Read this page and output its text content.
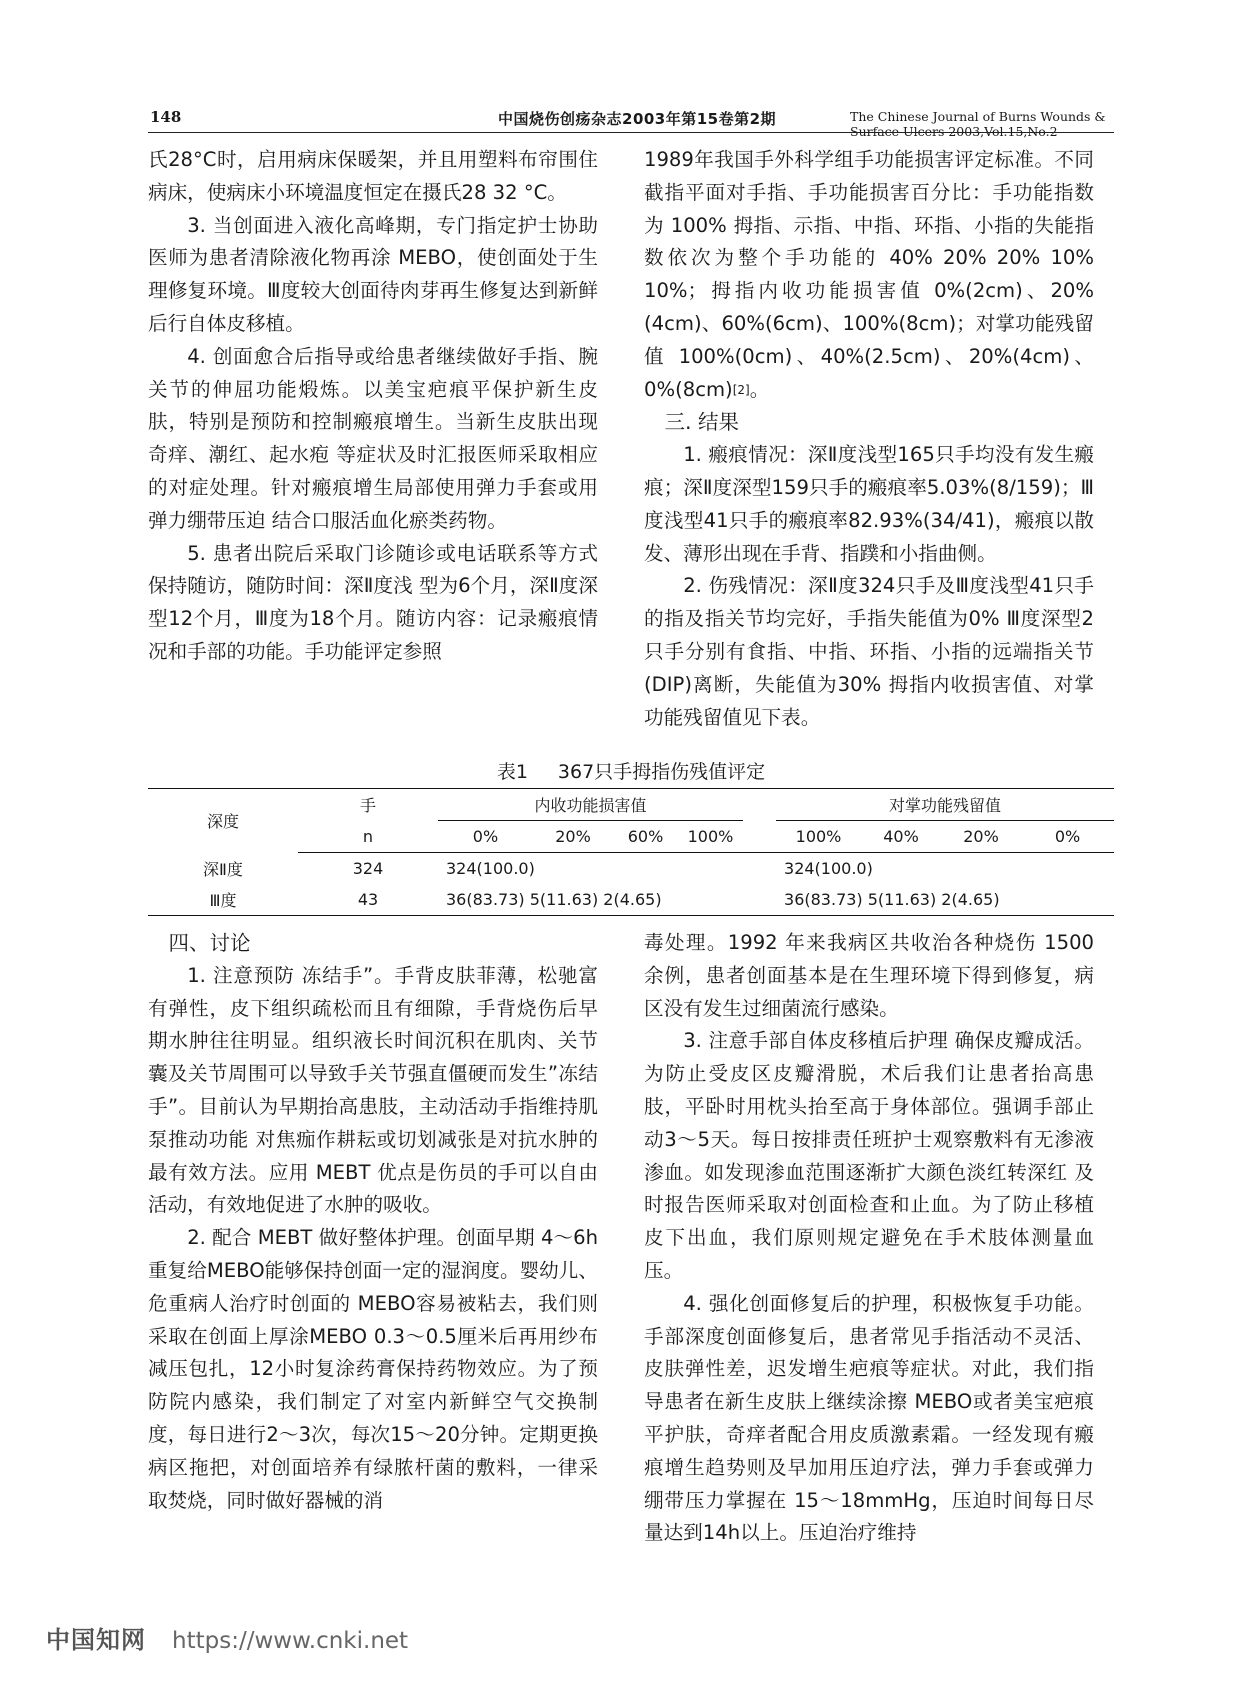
148	中国烧伤创疡杂志2003年第15卷第2期	The Chinese Journal of Burns Wounds & Surface Ulcers 2003,Vol.15,No.2

氏28°C时，启用病床保暖架，并且用塑料布帘围住病床，使病床小环境温度恒定在摄氏28 32 °C。

3. 当创面进入液化高峰期，专门指定护士协助医师为患者清除液化物再涂 MEBO，使创面处于生理修复环境。Ⅲ度较大创面待肉芽再生修复达到新鲜后行自体皮移植。

4. 创面愈合后指导或给患者继续做好手指、腕关节的伸屈功能煅炼。以美宝疤痕平保护新生皮肤，特别是预防和控制瘢痕增生。当新生皮肤出现奇痒、潮红、起水疱 等症状及时汇报医师采取相应的对症处理。针对瘢痕增生局部使用弹力手套或用弹力绷带压迫 结合口服活血化瘀类药物。

5. 患者出院后采取门诊随诊或电话联系等方式保持随访，随防时间：深Ⅱ度浅 型为6个月，深Ⅱ度深型12个月，Ⅲ度为18个月。随访内容：记录瘢痕情况和手部的功能。手功能评定参照

1989年我国手外科学组手功能损害评定标准。不同截指平面对手指、手功能损害百分比：手功能指数为 100% 拇指、示指、中指、环指、小指的失能指数依次为整个手功能的 40% 20% 20% 10% 10%；拇指内收功能损害值 0%(2cm)、20%(4cm)、60%(6cm)、100%(8cm)；对掌功能残留值 100%(0cm)、40%(2.5cm)、20%(4cm)、0%(8cm)[2]。

三. 结果

1. 瘢痕情况：深Ⅱ度浅型165只手均没有发生瘢痕；深Ⅱ度深型159只手的瘢痕率5.03%(8/159)；Ⅲ度浅型41只手的瘢痕率82.93%(34/41)，瘢痕以散发、薄形出现在手背、指蹼和小指曲侧。

2. 伤残情况：深Ⅱ度324只手及Ⅲ度浅型41只手的指及指关节均完好，手指失能值为0% Ⅲ度深型2只手分别有食指、中指、环指、小指的远端指关节(DIP)离断，失能值为30% 拇指内收损害值、对掌功能残留值见下表。

表1 367只手拇指伤残值评定
深度	手	内收功能损害值					对掌功能残留值			
	n	0%	20%	60%	100%		100%	40%	20%	0%
深Ⅱ度	324	324(100.0)					324(100.0)			
Ⅲ度	43	36(83.73) 5(11.63) 2(4.65)					36(83.73) 5(11.63) 2(4.65)			

四、讨论

1. 注意预防 冻结手”。手背皮肤菲薄，松驰富有弹性，皮下组织疏松而且有细隙，手背烧伤后早期水肿往往明显。组织液长时间沉积在肌肉、关节囊及关节周围可以导致手关节强直僵硬而发生”冻结手”。目前认为早期抬高患肢，主动活动手指维持肌泵推动功能 对焦痂作耕耘或切划减张是对抗水肿的最有效方法。应用 MEBT 优点是伤员的手可以自由活动，有效地促进了水肿的吸收。

2. 配合 MEBT 做好整体护理。创面早期 4～6h重复给MEBO能够保持创面一定的湿润度。婴幼儿、危重病人治疗时创面的 MEBO容易被粘去，我们则采取在创面上厚涂MEBO 0.3～0.5厘米后再用纱布减压包扎，12小时复涂药膏保持药物效应。为了预防院内感染，我们制定了对室内新鲜空气交换制度，每日进行2～3次，每次15～20分钟。定期更换病区拖把，对创面培养有绿脓杆菌的敷料，一律采取焚烧，同时做好器械的消

毒处理。1992 年来我病区共收治各种烧伤 1500 余例，患者创面基本是在生理环境下得到修复，病区没有发生过细菌流行感染。

3. 注意手部自体皮移植后护理 确保皮瓣成活。为防止受皮区皮瓣滑脱，术后我们让患者抬高患肢，平卧时用枕头抬至高于身体部位。强调手部止动3～5天。每日按排责任班护士观察敷料有无渗液渗血。如发现渗血范围逐渐扩大颜色淡红转深红 及时报告医师采取对创面检查和止血。为了防止移植皮下出血，我们原则规定避免在手术肢体测量血压。

4. 强化创面修复后的护理，积极恢复手功能。手部深度创面修复后，患者常见手指活动不灵活、皮肤弹性差，迟发增生疤痕等症状。对此，我们指导患者在新生皮肤上继续涂擦 MEBO或者美宝疤痕平护肤，奇痒者配合用皮质激素霜。一经发现有瘢痕增生趋势则及早加用压迫疗法，弹力手套或弹力绷带压力掌握在 15～18mmHg，压迫时间每日尽量达到14h以上。压迫治疗维持

中国知网 https://www.cnki.net
